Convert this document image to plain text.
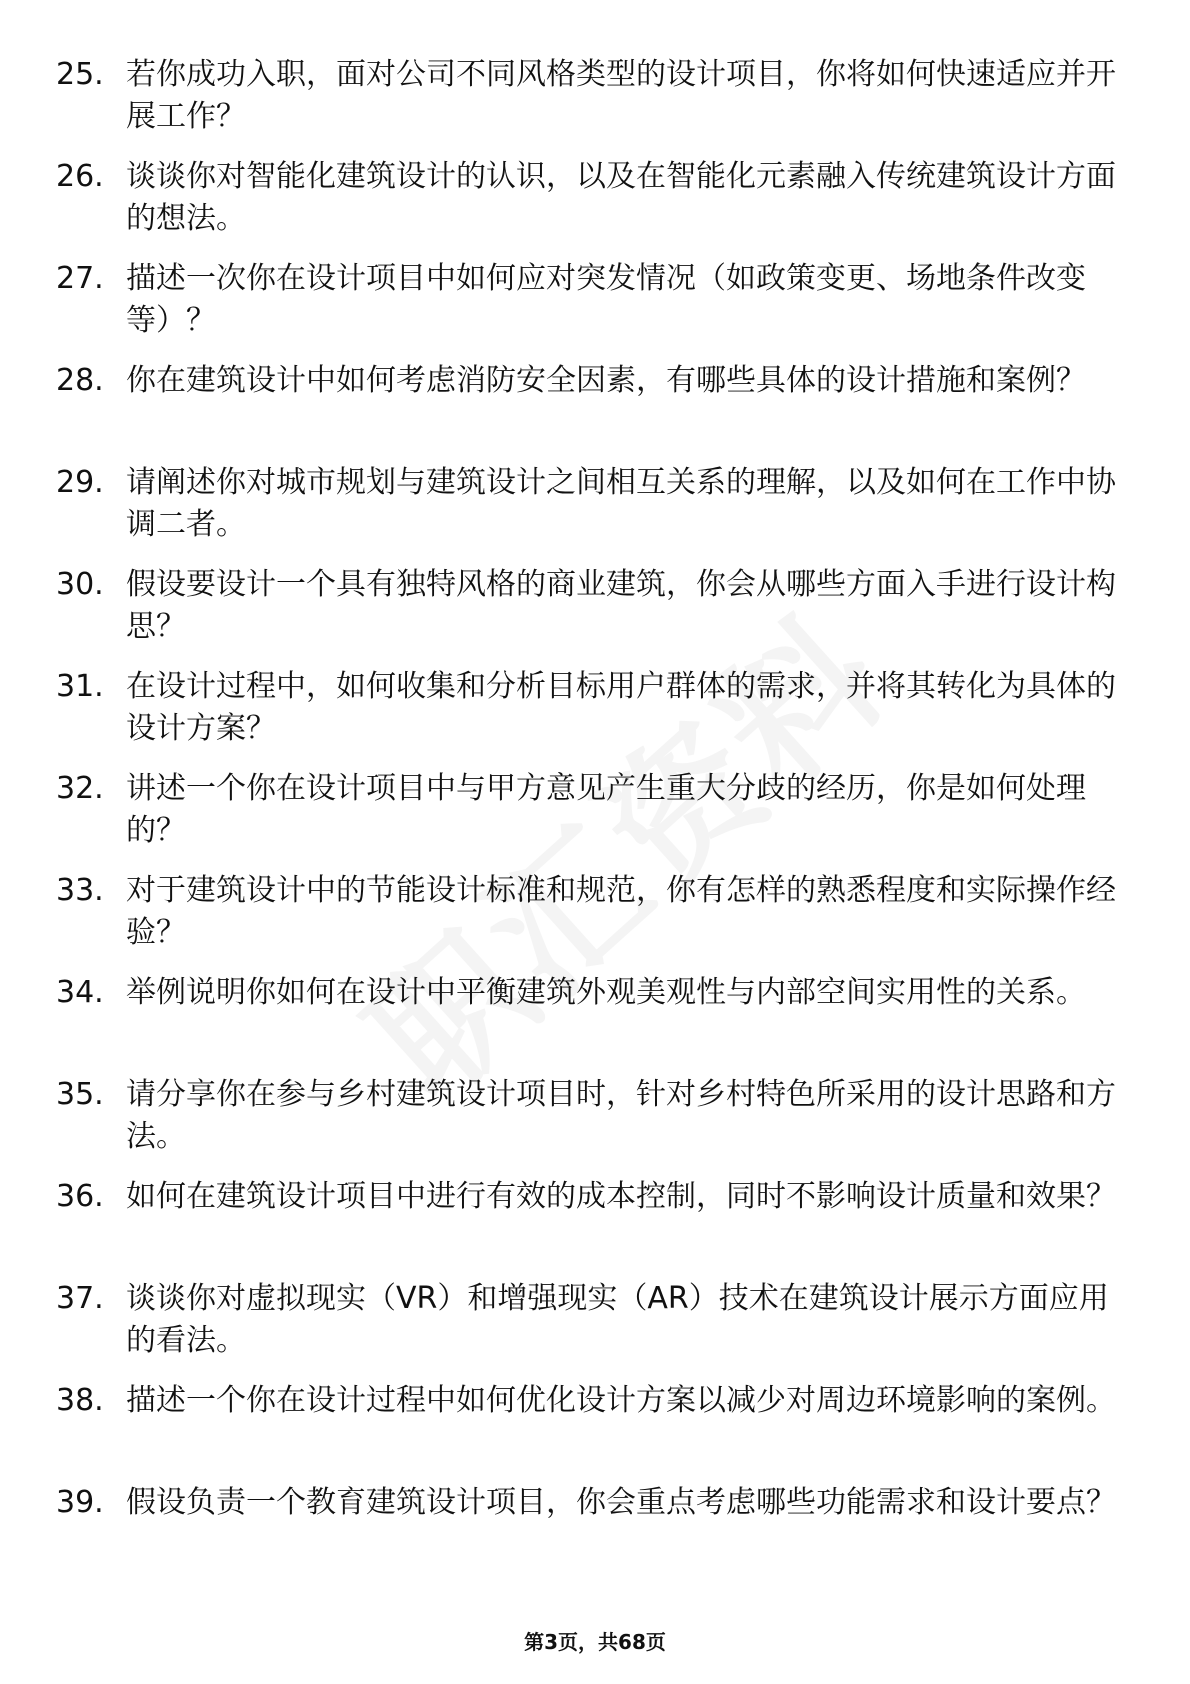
25. 若你成功入职，面对公司不同风格类型的设计项目，你将如何快速适应并开展工作？
26. 谈谈你对智能化建筑设计的认识，以及在智能化元素融入传统建筑设计方面的想法。
27. 描述一次你在设计项目中如何应对突发情况（如政策变更、场地条件改变等）？
28. 你在建筑设计中如何考虑消防安全因素，有哪些具体的设计措施和案例？
29. 请阐述你对城市规划与建筑设计之间相互关系的理解，以及如何在工作中协调二者。
30. 假设要设计一个具有独特风格的商业建筑，你会从哪些方面入手进行设计构思？
31. 在设计过程中，如何收集和分析目标用户群体的需求，并将其转化为具体的设计方案？
32. 讲述一个你在设计项目中与甲方意见产生重大分歧的经历，你是如何处理的？
33. 对于建筑设计中的节能设计标准和规范，你有怎样的熟悉程度和实际操作经验？
34. 举例说明你如何在设计中平衡建筑外观美观性与内部空间实用性的关系。
35. 请分享你在参与乡村建筑设计项目时，针对乡村特色所采用的设计思路和方法。
36. 如何在建筑设计项目中进行有效的成本控制，同时不影响设计质量和效果？
37. 谈谈你对虚拟现实（VR）和增强现实（AR）技术在建筑设计展示方面应用的看法。
38. 描述一个你在设计过程中如何优化设计方案以减少对周边环境影响的案例。
39. 假设负责一个教育建筑设计项目，你会重点考虑哪些功能需求和设计要点？
第3页，共68页
